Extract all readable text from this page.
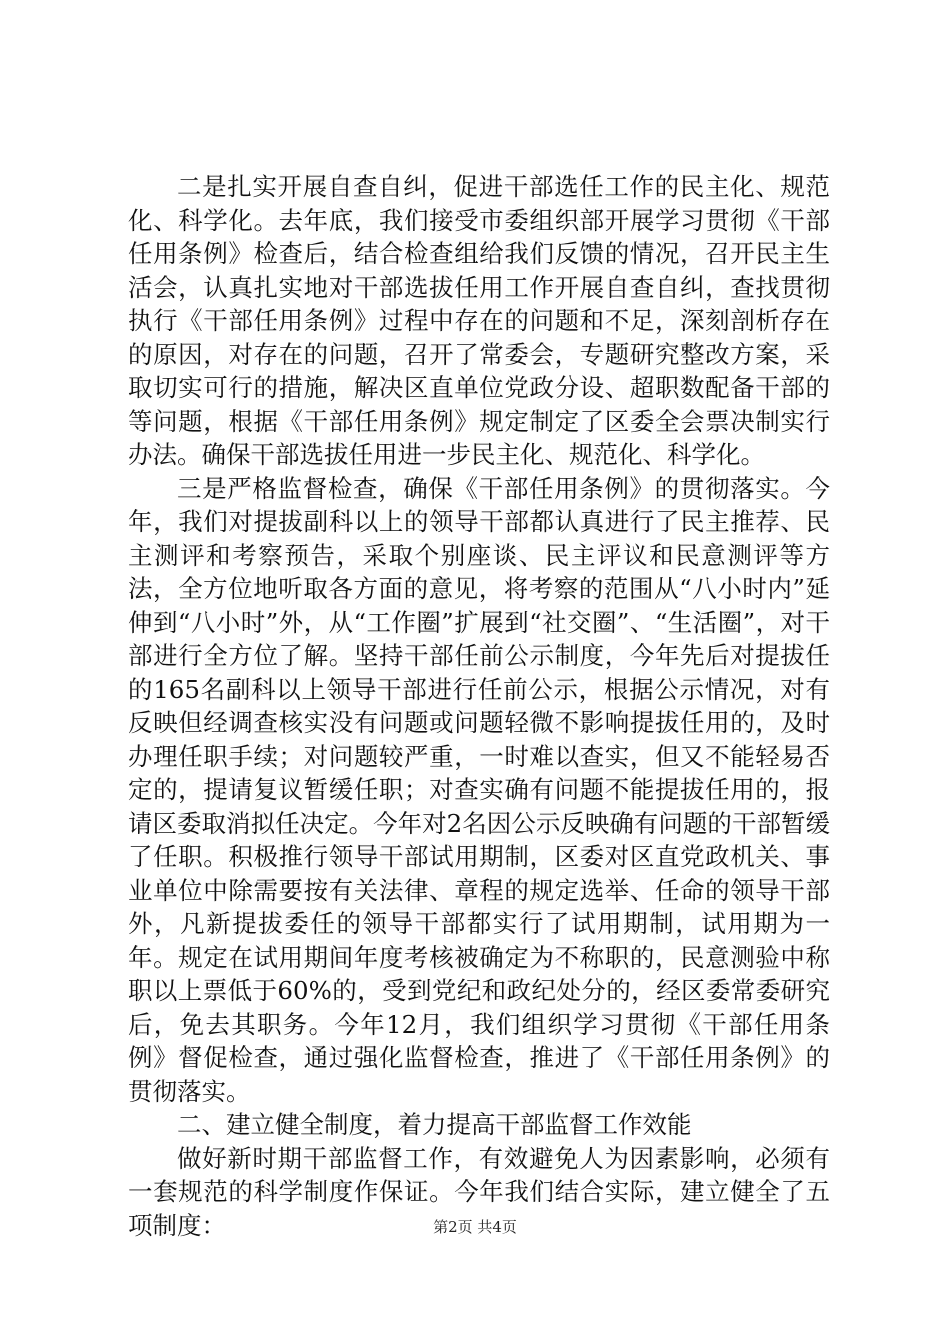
二是扎实开展自查自纠，促进干部选任工作的民主化、规范化、科学化。去年底，我们接受市委组织部开展学习贯彻《干部任用条例》检查后，结合检查组给我们反馈的情况，召开民主生活会，认真扎实地对干部选拔任用工作开展自查自纠，查找贯彻执行《干部任用条例》过程中存在的问题和不足，深刻剖析存在的原因，对存在的问题，召开了常委会，专题研究整改方案，采取切实可行的措施，解决区直单位党政分设、超职数配备干部的等问题，根据《干部任用条例》规定制定了区委全会票决制实行办法。确保干部选拔任用进一步民主化、规范化、科学化。

三是严格监督检查，确保《干部任用条例》的贯彻落实。今年，我们对提拔副科以上的领导干部都认真进行了民主推荐、民主测评和考察预告，采取个别座谈、民主评议和民意测评等方法，全方位地听取各方面的意见，将考察的范围从“八小时内”延伸到“八小时”外，从“工作圈”扩展到“社交圈”、“生活圈”，对干部进行全方位了解。坚持干部任前公示制度，今年先后对提拔任的165名副科以上领导干部进行任前公示，根据公示情况，对有反映但经调查核实没有问题或问题轻微不影响提拔任用的，及时办理任职手续；对问题较严重，一时难以查实，但又不能轻易否定的，提请复议暂缓任职；对查实确有问题不能提拔任用的，报请区委取消拟任决定。今年对2名因公示反映确有问题的干部暂缓了任职。积极推行领导干部试用期制，区委对区直党政机关、事业单位中除需要按有关法律、章程的规定选举、任命的领导干部外，凡新提拔委任的领导干部都实行了试用期制，试用期为一年。规定在试用期间年度考核被确定为不称职的，民意测验中称职以上票低于60%的，受到党纪和政纪处分的，经区委常委研究后，免去其职务。今年12月，我们组织学习贯彻《干部任用条例》督促检查，通过强化监督检查，推进了《干部任用条例》的贯彻落实。

二、建立健全制度，着力提高干部监督工作效能

做好新时期干部监督工作，有效避免人为因素影响，必须有一套规范的科学制度作保证。今年我们结合实际，建立健全了五项制度：	第2页 共4页
